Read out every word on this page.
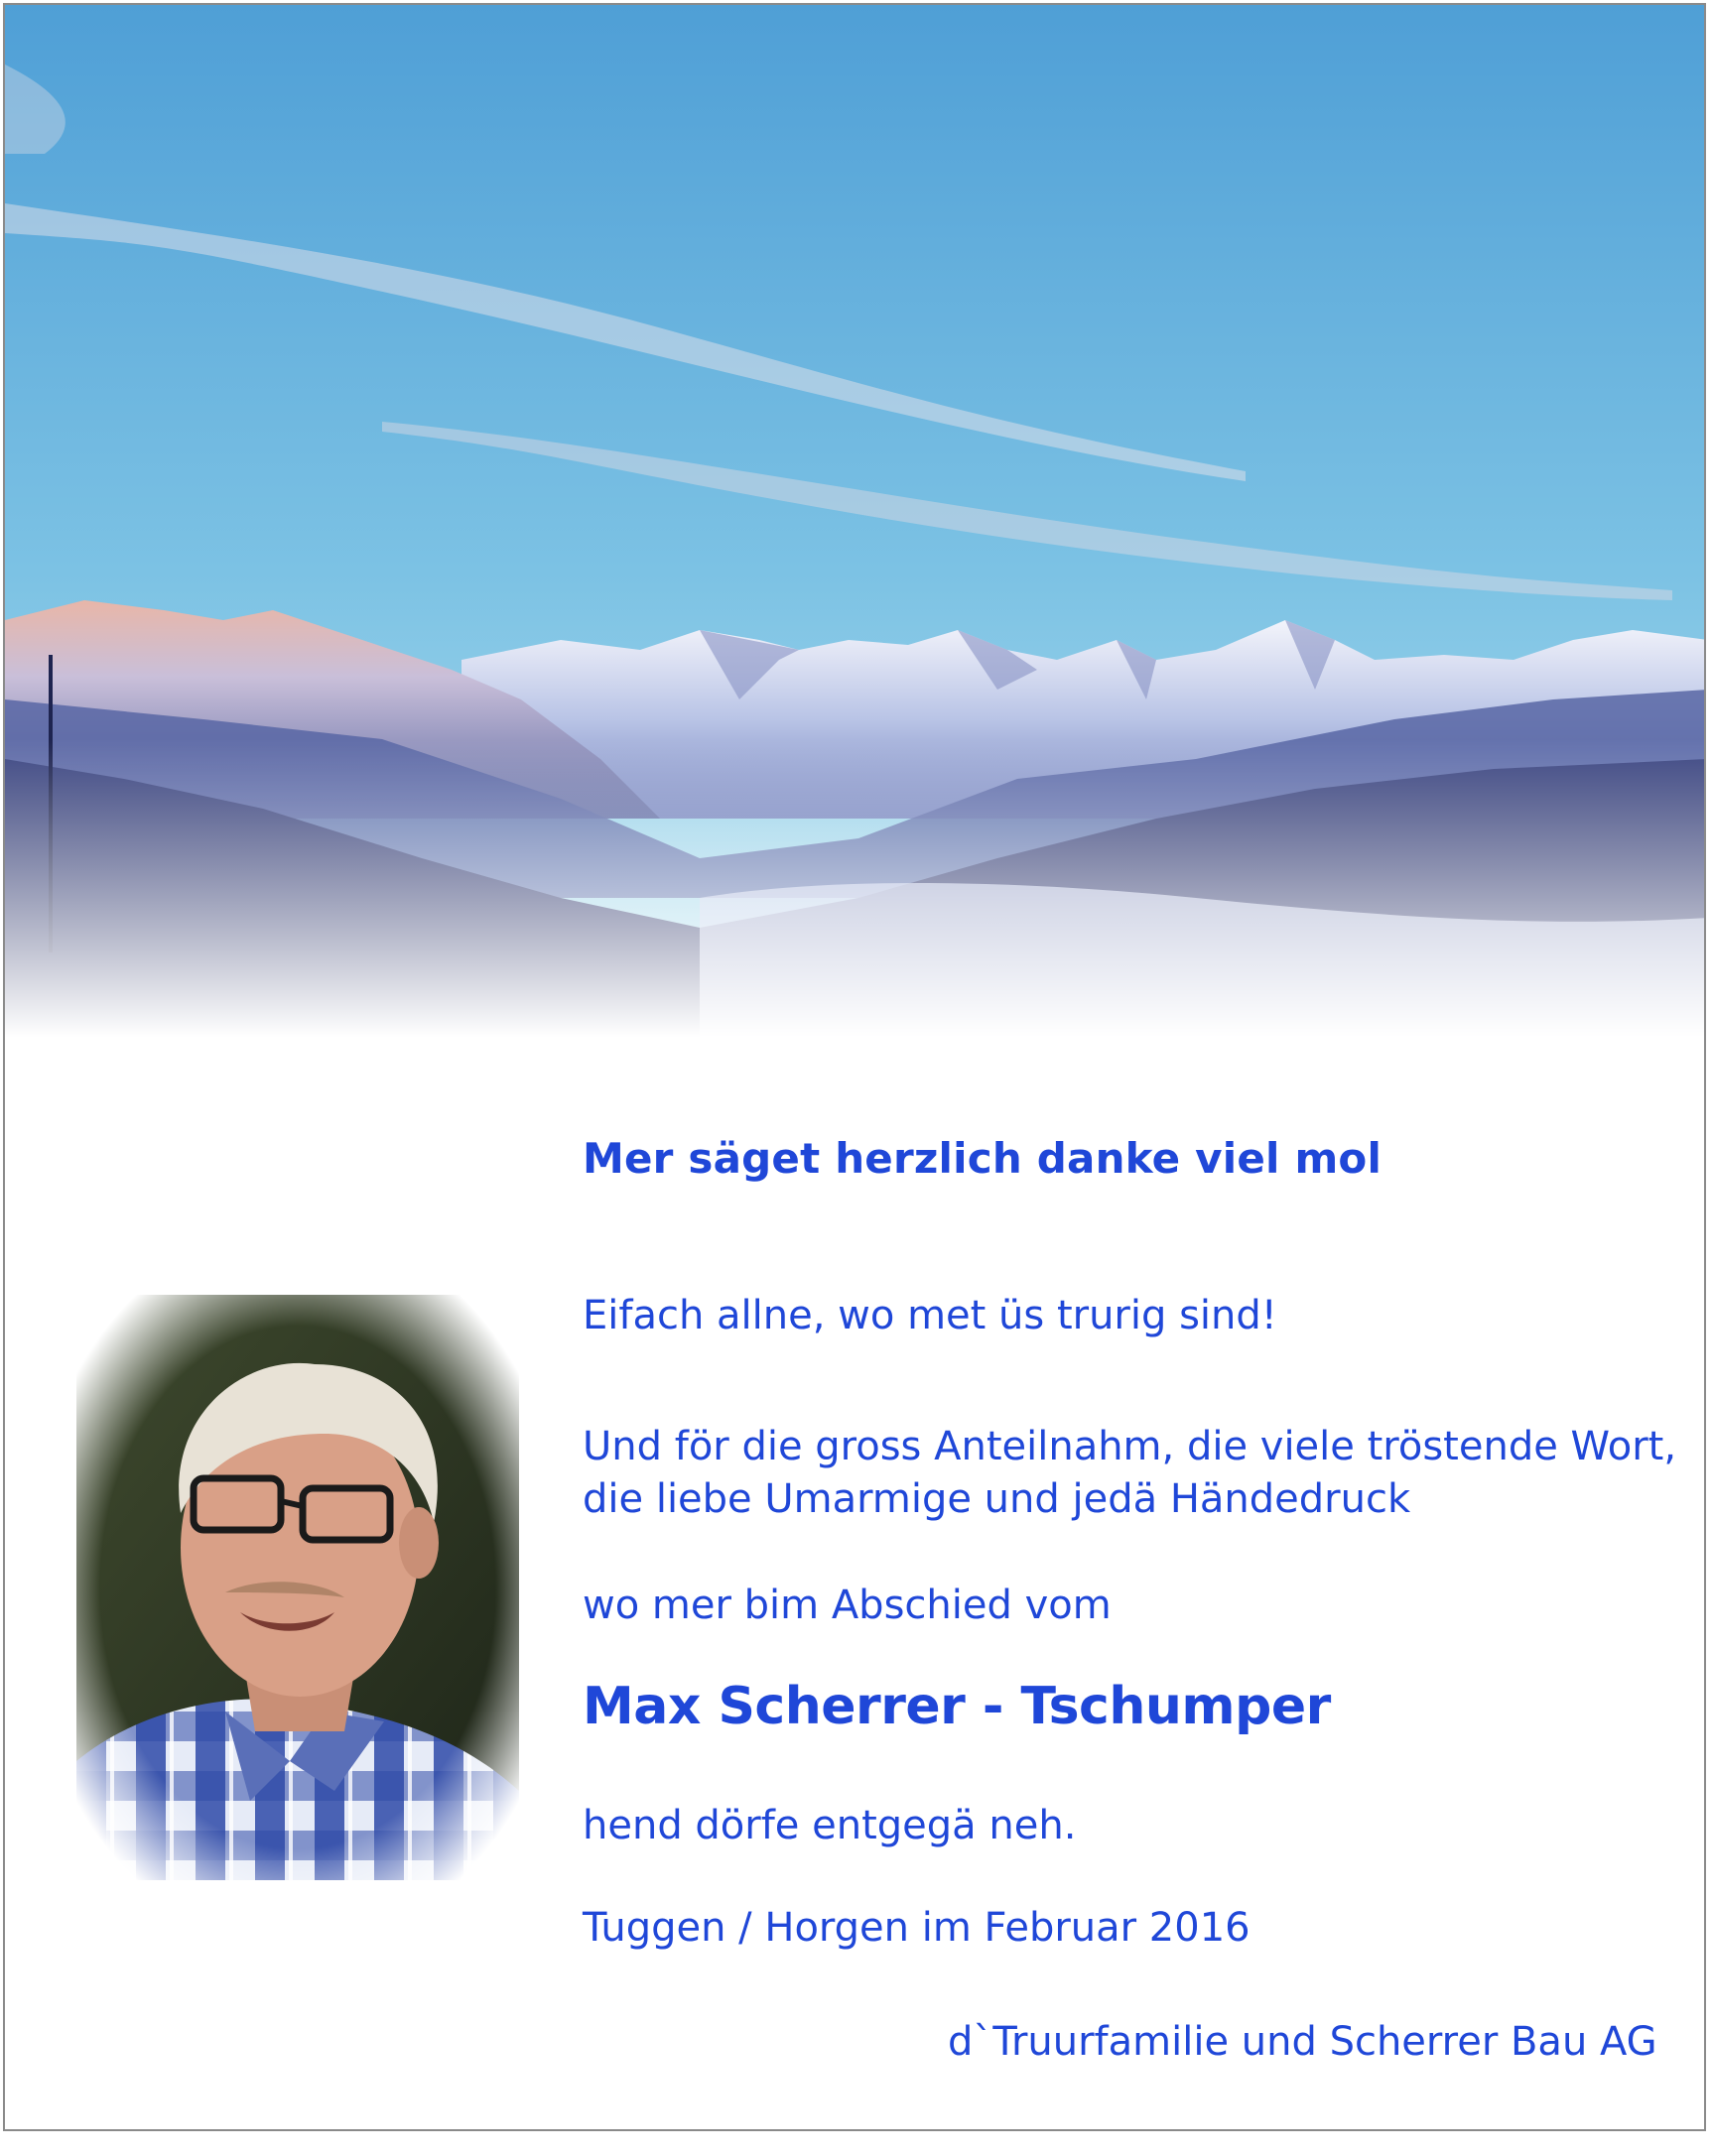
Mer säget herzlich danke viel mol
Eifach allne, wo met üs trurig sind!
Und för die gross Anteilnahm, die viele tröstende Wort,
die liebe Umarmige und jedä Händedruck
wo mer bim Abschied vom
Max Scherrer - Tschumper
hend dörfe entgegä neh.
Tuggen / Horgen im Februar 2016
d`Truurfamilie und Scherrer Bau AG
